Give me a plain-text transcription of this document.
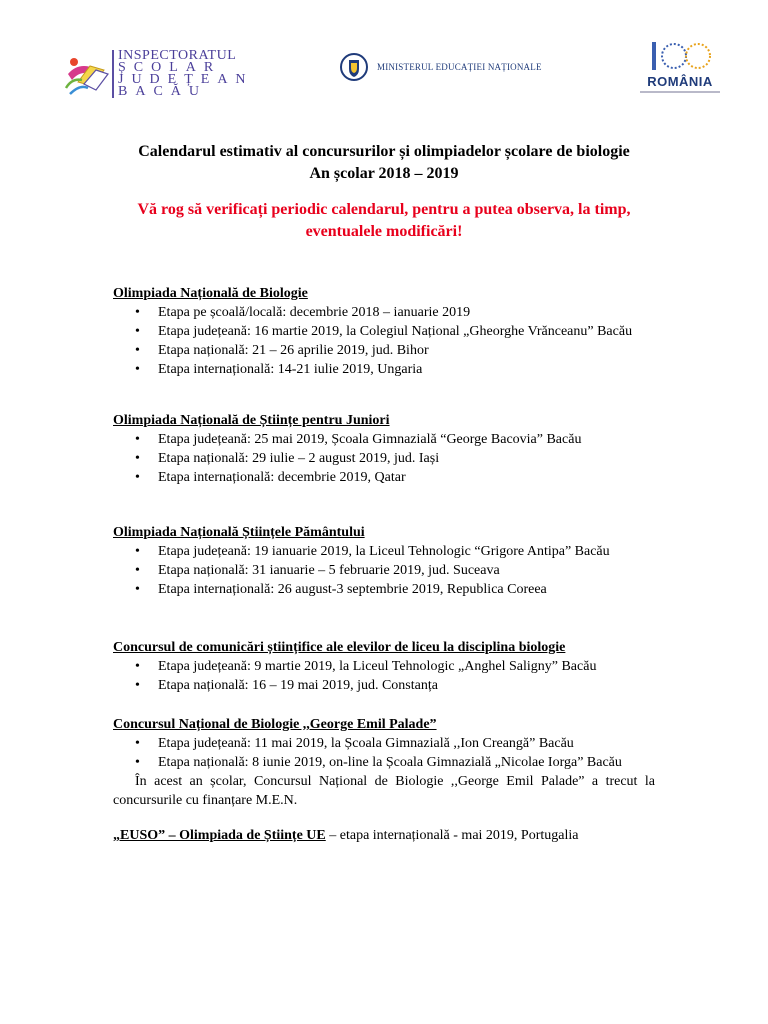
INSPECTORATUL
ȘCOLAR
JUDEȚEAN
BACĂU
MINISTERUL EDUCAȚIEI NAȚIONALE
ROMÂNIA

Calendarul estimativ al concursurilor și olimpiadelor școlare de biologie
An școlar 2018 – 2019

Vă rog să verificați periodic calendarul, pentru a putea observa, la timp, eventualele modificări!

Olimpiada Națională de Biologie

• Etapa pe școală/locală: decembrie 2018 – ianuarie 2019
• Etapa județeană: 16 martie 2019, la Colegiul Național „Gheorghe Vrănceanu” Bacău
• Etapa națională: 21 – 26 aprilie 2019, jud. Bihor
• Etapa internațională: 14-21 iulie 2019, Ungaria

Olimpiada Națională de Științe pentru Juniori

• Etapa județeană: 25 mai 2019, Școala Gimnazială “George Bacovia” Bacău
• Etapa națională: 29 iulie – 2 august 2019, jud. Iași
• Etapa internațională: decembrie 2019, Qatar

Olimpiada Națională Științele Pământului

• Etapa județeană: 19 ianuarie 2019, la Liceul Tehnologic “Grigore Antipa” Bacău
• Etapa națională: 31 ianuarie – 5 februarie 2019, jud. Suceava
• Etapa internațională: 26 august-3 septembrie 2019, Republica Coreea

Concursul de comunicări științifice ale elevilor de liceu la disciplina biologie

• Etapa județeană: 9 martie 2019, la Liceul Tehnologic „Anghel Saligny” Bacău
• Etapa națională: 16 – 19 mai 2019, jud. Constanța

Concursul Național de Biologie ,,George Emil Palade”

• Etapa județeană: 11 mai 2019, la Școala Gimnazială ,,Ion Creangă” Bacău
• Etapa națională: 8 iunie 2019, on-line la Școala Gimnazială „Nicolae Iorga” Bacău

În acest an școlar, Concursul Național de Biologie ,,George Emil Palade” a trecut la concursurile cu finanțare M.E.N.

„EUSO” – Olimpiada de Științe UE – etapa internațională - mai 2019, Portugalia
